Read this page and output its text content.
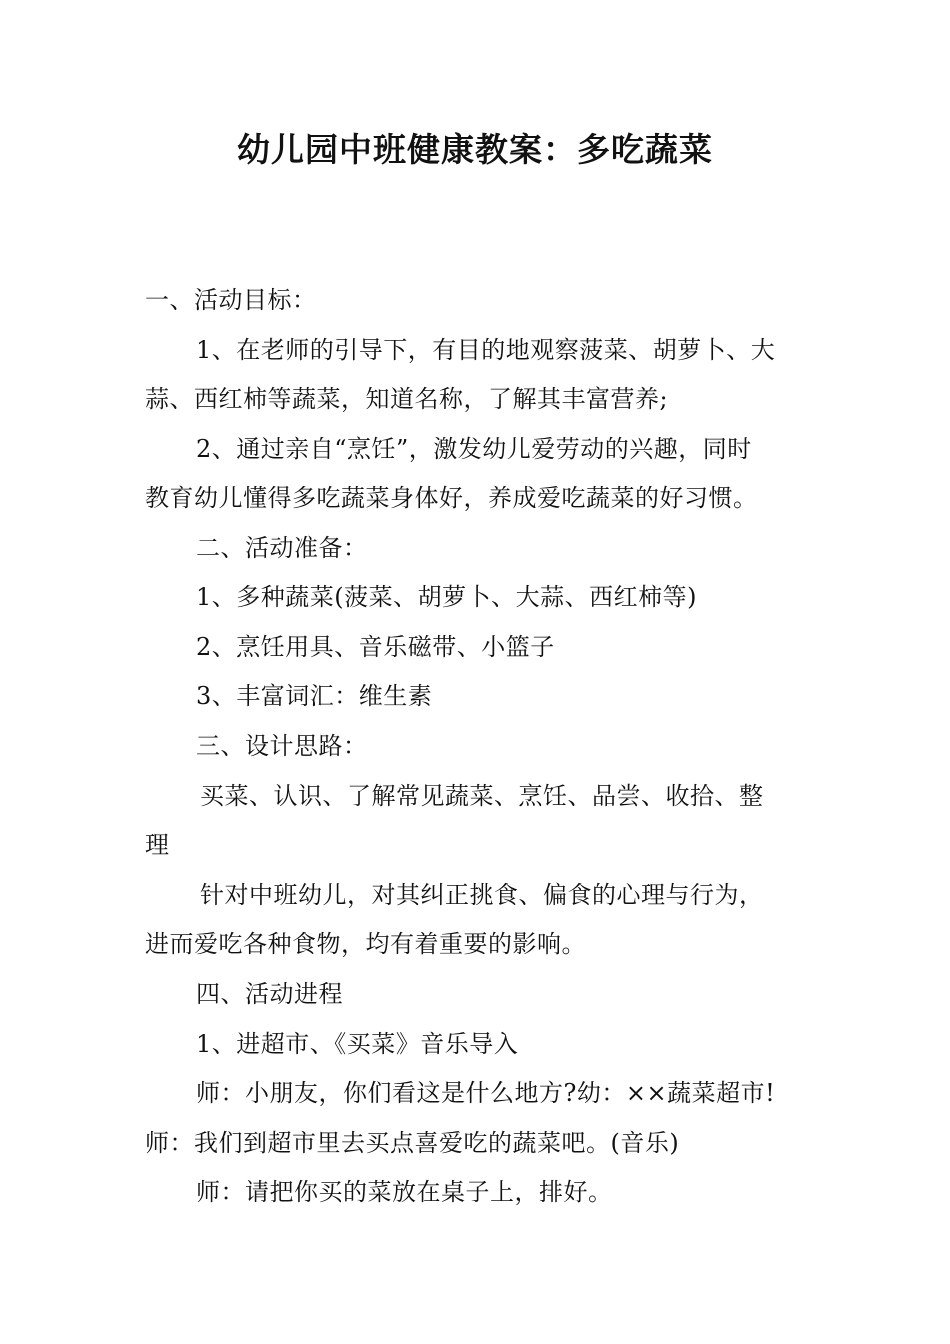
幼儿园中班健康教案：多吃蔬菜
一、活动目标：
1、在老师的引导下，有目的地观察菠菜、胡萝卜、大
蒜、西红柿等蔬菜，知道名称，了解其丰富营养;
2、通过亲自“烹饪”，激发幼儿爱劳动的兴趣，同时
教育幼儿懂得多吃蔬菜身体好，养成爱吃蔬菜的好习惯。
二、活动准备：
1、多种蔬菜(菠菜、胡萝卜、大蒜、西红柿等)
2、烹饪用具、音乐磁带、小篮子
3、丰富词汇：维生素
三、设计思路：
买菜、认识、了解常见蔬菜、烹饪、品尝、收拾、整
理
针对中班幼儿，对其纠正挑食、偏食的心理与行为，
进而爱吃各种食物，均有着重要的影响。
四、活动进程
1、进超市、《买菜》音乐导入
师：小朋友，你们看这是什么地方?幼：××蔬菜超市!
师：我们到超市里去买点喜爱吃的蔬菜吧。(音乐)
师：请把你买的菜放在桌子上，排好。
